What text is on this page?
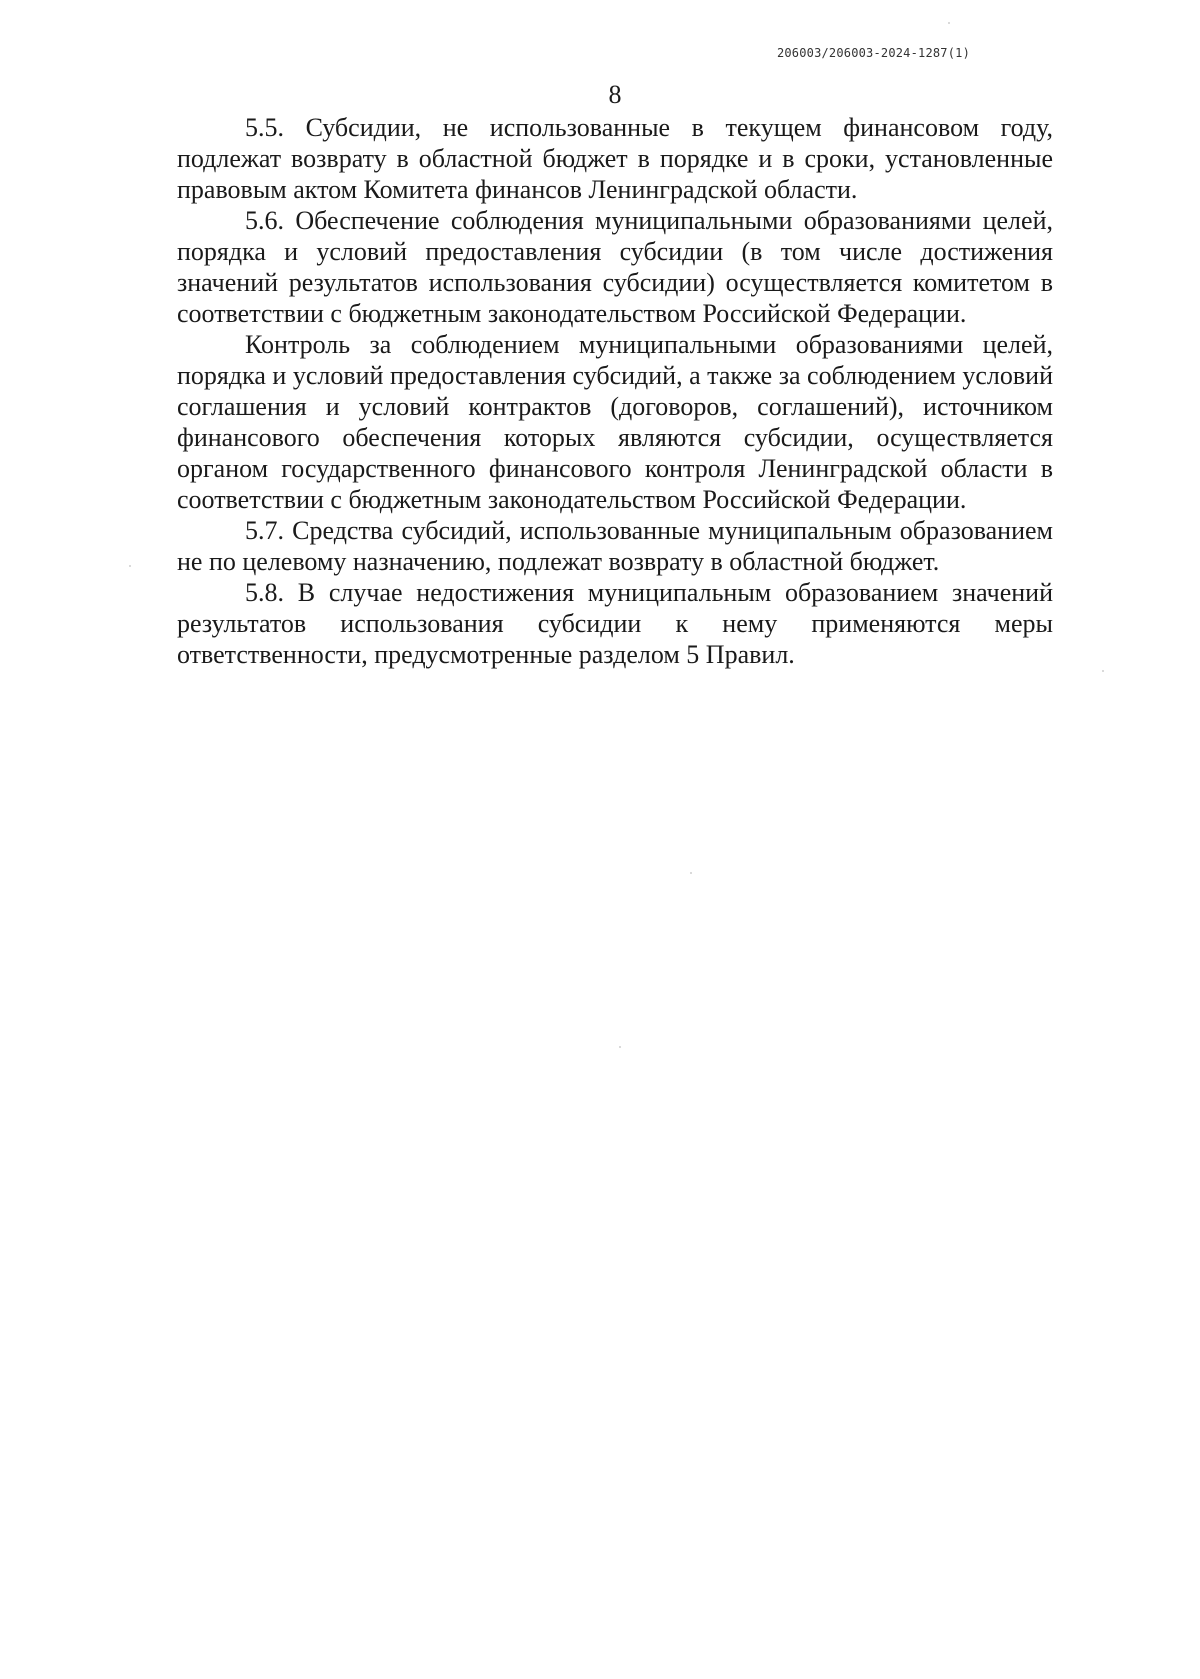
206003/206003-2024-1287(1)
8

5.5. Субсидии, не использованные в текущем финансовом году, подлежат возврату в областной бюджет в порядке и в сроки, установленные правовым актом Комитета финансов Ленинградской области.

5.6. Обеспечение соблюдения муниципальными образованиями целей, порядка и условий предоставления субсидии (в том числе достижения значений результатов использования субсидии) осуществляется комитетом в соответствии с бюджетным законодательством Российской Федерации.

Контроль за соблюдением муниципальными образованиями целей, порядка и условий предоставления субсидий, а также за соблюдением условий соглашения и условий контрактов (договоров, соглашений), источником финансового обеспечения которых являются субсидии, осуществляется органом государственного финансового контроля Ленинградской области в соответствии с бюджетным законодательством Российской Федерации.

5.7. Средства субсидий, использованные муниципальным образованием не по целевому назначению, подлежат возврату в областной бюджет.

5.8. В случае недостижения муниципальным образованием значений результатов использования субсидии к нему применяются меры ответственности, предусмотренные разделом 5 Правил.
